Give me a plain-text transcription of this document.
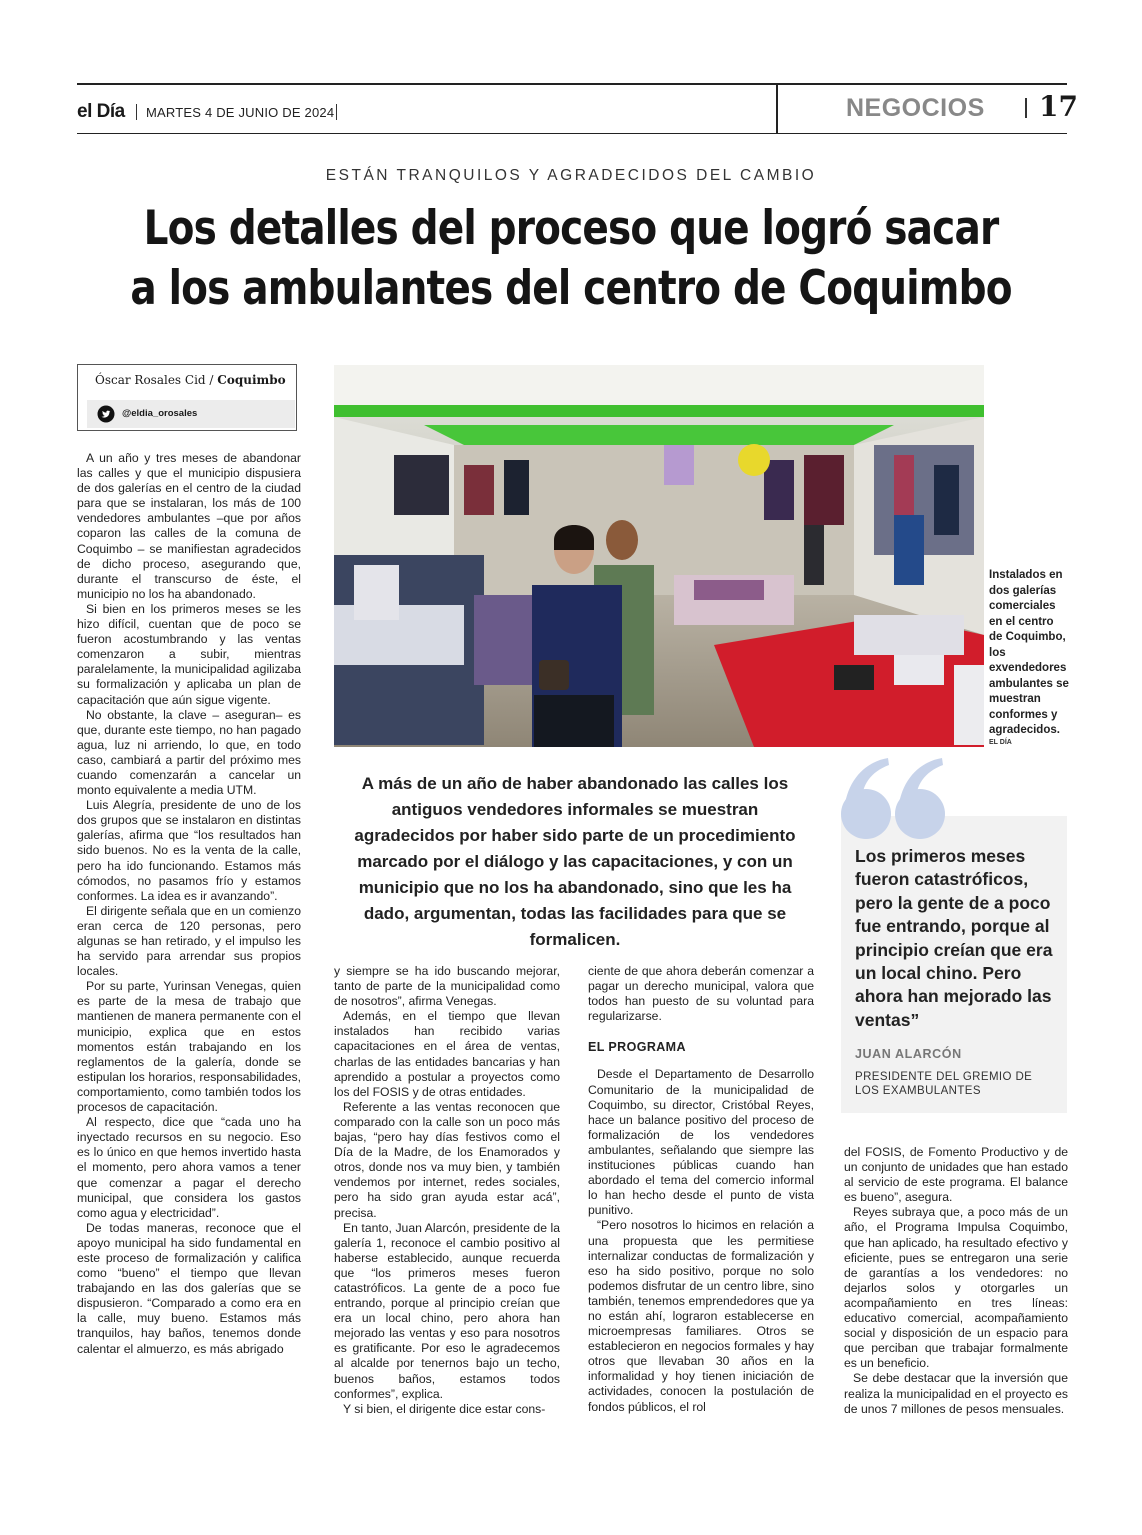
el Día MARTES 4 DE JUNIO DE 2024	NEGOCIOS 17
ESTÁN TRANQUILOS Y AGRADECIDOS DEL CAMBIO
Los detalles del proceso que logró sacar
a los ambulantes del centro de Coquimbo
Óscar Rosales Cid / Coquimbo
@eldia_orosales
Instalados en dos galerías comerciales en el centro de Coquimbo, los exvendedores ambulantes se muestran conformes y agradecidos.
EL DÍA
A más de un año de haber abandonado las calles los antiguos vendedores informales se muestran agradecidos por haber sido parte de un procedimiento marcado por el diálogo y las capacitaciones, y con un municipio que no los ha abandonado, sino que les ha dado, argumentan, todas las facilidades para que se formalicen.
Los primeros meses fueron catastróficos, pero la gente de a poco fue entrando, porque al principio creían que era un local chino. Pero ahora han mejorado las ventas”
JUAN ALARCÓN
PRESIDENTE DEL GREMIO DE LOS EXAMBULANTES

A un año y tres meses de abandonar las calles y que el municipio dispusiera de dos galerías en el centro de la ciudad para que se instalaran, los más de 100 vendedores ambulantes –que por años coparon las calles de la comuna de Coquimbo – se manifiestan agradecidos de dicho proceso, asegurando que, durante el transcurso de éste, el municipio no los ha abandonado.

Si bien en los primeros meses se les hizo difícil, cuentan que de poco se fueron acostumbrando y las ventas comenzaron a subir, mientras paralelamente, la municipalidad agilizaba su formalización y aplicaba un plan de capacitación que aún sigue vigente.

No obstante, la clave – aseguran– es que, durante este tiempo, no han pagado agua, luz ni arriendo, lo que, en todo caso, cambiará a partir del próximo mes cuando comenzarán a cancelar un monto equivalente a media UTM.

Luis Alegría, presidente de uno de los dos grupos que se instalaron en distintas galerías, afirma que “los resultados han sido buenos. No es la venta de la calle, pero ha ido funcionando. Estamos más cómodos, no pasamos frío y estamos conformes. La idea es ir avanzando”.

El dirigente señala que en un comienzo eran cerca de 120 personas, pero algunas se han retirado, y el impulso les ha servido para arrendar sus propios locales.

Por su parte, Yurinsan Venegas, quien es parte de la mesa de trabajo que mantienen de manera permanente con el municipio, explica que en estos momentos están trabajando en los reglamentos de la galería, donde se estipulan los horarios, responsabilidades, comportamiento, como también todos los procesos de capacitación.

Al respecto, dice que “cada uno ha inyectado recursos en su negocio. Eso es lo único en que hemos invertido hasta el momento, pero ahora vamos a tener que comenzar a pagar el derecho municipal, que considera los gastos como agua y electricidad”.

De todas maneras, reconoce que el apoyo municipal ha sido fundamental en este proceso de formalización y califica como “bueno” el tiempo que llevan trabajando en las dos galerías que se dispusieron. “Comparado a como era en la calle, muy bueno. Estamos más tranquilos, hay baños, tenemos donde calentar el almuerzo, es más abrigado

y siempre se ha ido buscando mejorar, tanto de parte de la municipalidad como de nosotros”, afirma Venegas.

Además, en el tiempo que llevan instalados han recibido varias capacitaciones en el área de ventas, charlas de las entidades bancarias y han aprendido a postular a proyectos como los del FOSIS y de otras entidades.

Referente a las ventas reconocen que comparado con la calle son un poco más bajas, “pero hay días festivos como el Día de la Madre, de los Enamorados y otros, donde nos va muy bien, y también vendemos por internet, redes sociales, pero ha sido gran ayuda estar acá”, precisa.

En tanto, Juan Alarcón, presidente de la galería 1, reconoce el cambio positivo al haberse establecido, aunque recuerda que “los primeros meses fueron catastróficos. La gente de a poco fue entrando, porque al principio creían que era un local chino, pero ahora han mejorado las ventas y eso para nosotros es gratificante. Por eso le agradecemos al alcalde por tenernos bajo un techo, buenos baños, estamos todos conformes”, explica.

Y si bien, el dirigente dice estar cons-

ciente de que ahora deberán comenzar a pagar un derecho municipal, valora que todos han puesto de su voluntad para regularizarse.

EL PROGRAMA

Desde el Departamento de Desarrollo Comunitario de la municipalidad de Coquimbo, su director, Cristóbal Reyes, hace un balance positivo del proceso de formalización de los vendedores ambulantes, señalando que siempre las instituciones públicas cuando han abordado el tema del comercio informal lo han hecho desde el punto de vista punitivo.

“Pero nosotros lo hicimos en relación a una propuesta que les permitiese internalizar conductas de formalización y eso ha sido positivo, porque no solo podemos disfrutar de un centro libre, sino también, tenemos emprendedores que ya no están ahí, lograron establecerse en microempresas familiares. Otros se establecieron en negocios formales y hay otros que llevaban 30 años en la informalidad y hoy tienen iniciación de actividades, conocen la postulación de fondos públicos, el rol

del FOSIS, de Fomento Productivo y de un conjunto de unidades que han estado al servicio de este programa. El balance es bueno”, asegura.

Reyes subraya que, a poco más de un año, el Programa Impulsa Coquimbo, que han aplicado, ha resultado efectivo y eficiente, pues se entregaron una serie de garantías a los vendedores: no dejarlos solos y otorgarles un acompañamiento en tres líneas: educativo comercial, acompañamiento social y disposición de un espacio para que perciban que trabajar formalmente es un beneficio.

Se debe destacar que la inversión que realiza la municipalidad en el proyecto es de unos 7 millones de pesos mensuales.
